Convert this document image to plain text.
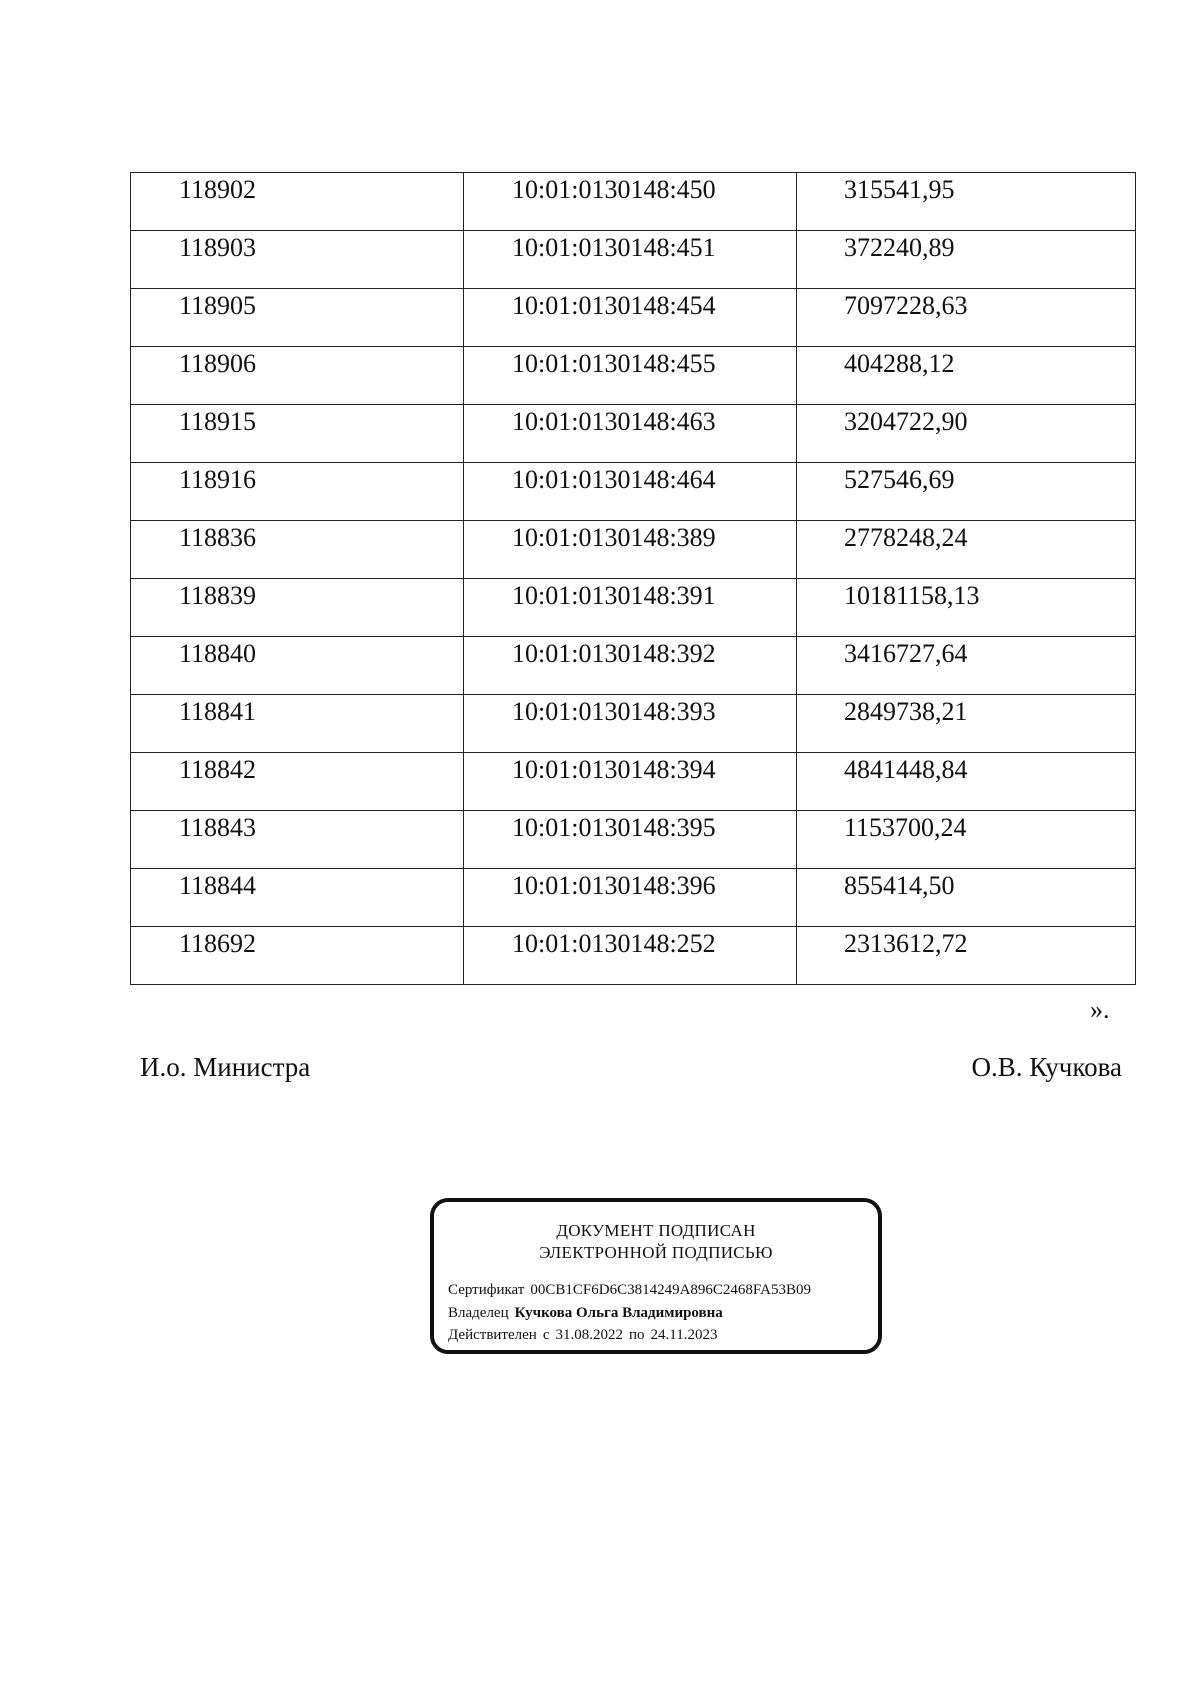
118902	10:01:0130148:450	315541,95

118903	10:01:0130148:451	372240,89

118905	10:01:0130148:454	7097228,63

118906	10:01:0130148:455	404288,12

118915	10:01:0130148:463	3204722,90

118916	10:01:0130148:464	527546,69

118836	10:01:0130148:389	2778248,24

118839	10:01:0130148:391	10181158,13

118840	10:01:0130148:392	3416727,64

118841	10:01:0130148:393	2849738,21

118842	10:01:0130148:394	4841448,84

118843	10:01:0130148:395	1153700,24

118844	10:01:0130148:396	855414,50

118692	10:01:0130148:252	2313612,72
».
И.о. Министра	О.В. Кучкова
ДОКУМЕНТ ПОДПИСАН
ЭЛЕКТРОННОЙ ПОДПИСЬЮ
Сертификат 00CB1CF6D6C3814249A896C2468FA53B09
Владелец Кучкова Ольга Владимировна
Действителен с 31.08.2022 по 24.11.2023
